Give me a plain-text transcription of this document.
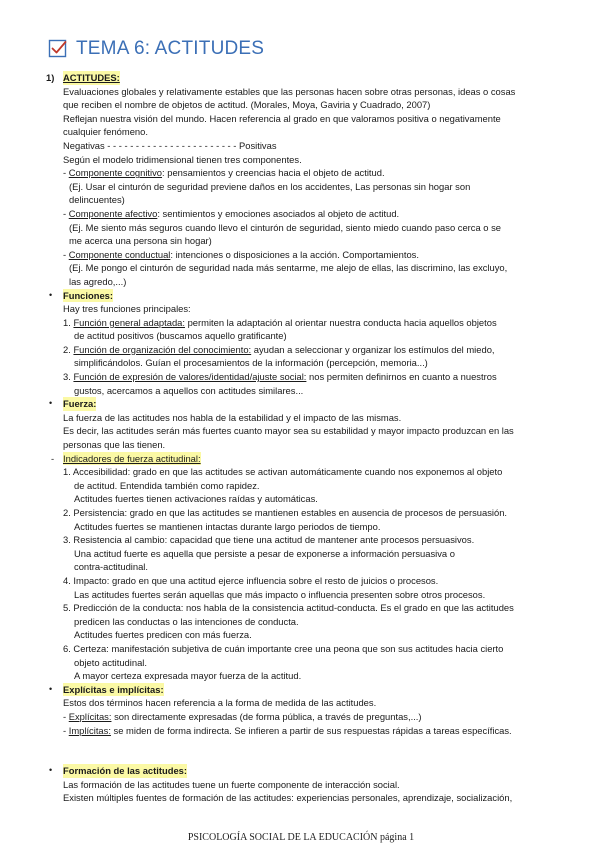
TEMA 6: ACTITUDES
1) ACTITUDES:
Evaluaciones globales y relativamente estables que las personas hacen sobre otras personas, ideas o cosas
que reciben el nombre de objetos de actitud. (Morales, Moya, Gaviria y Cuadrado, 2007)
Reflejan nuestra visión del mundo. Hacen referencia al grado en que valoramos positiva o negativamente
cualquier fenómeno.
Negativas - - - - - - - - - - - - - - - - - - - - - - - Positivas
Según el modelo tridimensional tienen tres componentes.
- Componente cognitivo: pensamientos y creencias hacia el objeto de actitud.
(Ej. Usar el cinturón de seguridad previene daños en los accidentes, Las personas sin hogar son
delincuentes)
- Componente afectivo: sentimientos y emociones asociados al objeto de actitud.
(Ej. Me siento más seguros cuando llevo el cinturón de seguridad, siento miedo cuando paso cerca o se
me acerca una persona sin hogar)
- Componente conductual: intenciones o disposiciones a la acción. Comportamientos.
(Ej. Me pongo el cinturón de seguridad nada más sentarme, me alejo de ellas, las discrimino, las excluyo,
las agredo,...)
• Funciones:
Hay tres funciones principales:
1. Función general adaptada: permiten la adaptación al orientar nuestra conducta hacia aquellos objetos
de actitud positivos (buscamos aquello gratificante)
2. Función de organización del conocimiento: ayudan a seleccionar y organizar los estímulos del miedo,
simplificándolos. Guían el procesamientos de la información (percepción, memoria...)
3. Función de expresión de valores/identidad/ajuste social: nos permiten definirnos en cuanto a nuestros
gustos, acercamos a aquellos con actitudes similares...
• Fuerza:
La fuerza de las actitudes nos habla de la estabilidad y el impacto de las mismas.
Es decir, las actitudes serán más fuertes cuanto mayor sea su estabilidad y mayor impacto produzcan en las
personas que las tienen.
- Indicadores de fuerza actitudinal:
1. Accesibilidad: grado en que las actitudes se activan automáticamente cuando nos exponemos al objeto
de actitud. Entendida también como rapidez.
Actitudes fuertes tienen activaciones raídas y automáticas.
2. Persistencia: grado en que las actitudes se mantienen estables en ausencia de procesos de persuasión.
Actitudes fuertes se mantienen intactas durante largo periodos de tiempo.
3. Resistencia al cambio: capacidad que tiene una actitud de mantener ante procesos persuasivos.
Una actitud fuerte es aquella que persiste a pesar de exponerse a información persuasiva o
contra-actitudinal.
4. Impacto: grado en que una actitud ejerce influencia sobre el resto de juicios o procesos.
Las actitudes fuertes serán aquellas que más impacto o influencia presenten sobre otros procesos.
5. Predicción de la conducta: nos habla de la consistencia actitud-conducta. Es el grado en que las actitudes
predicen las conductas o las intenciones de conducta.
Actitudes fuertes predicen con más fuerza.
6. Certeza: manifestación subjetiva de cuán importante cree una peona que son sus actitudes hacia cierto
objeto actitudinal.
A mayor certeza expresada mayor fuerza de la actitud.
• Explícitas e implícitas:
Estos dos términos hacen referencia a la forma de medida de las actitudes.
- Explícitas: son directamente expresadas (de forma pública, a través de preguntas,...)
- Implícitas: se miden de forma indirecta. Se infieren a partir de sus respuestas rápidas a tareas específicas.
• Formación de las actitudes:
Las formación de las actitudes tuene un fuerte componente de interacción social.
Existen múltiples fuentes de formación de las actitudes: experiencias personales, aprendizaje, socialización,
PSICOLOGÍA SOCIAL DE LA EDUCACIÓN página 1
